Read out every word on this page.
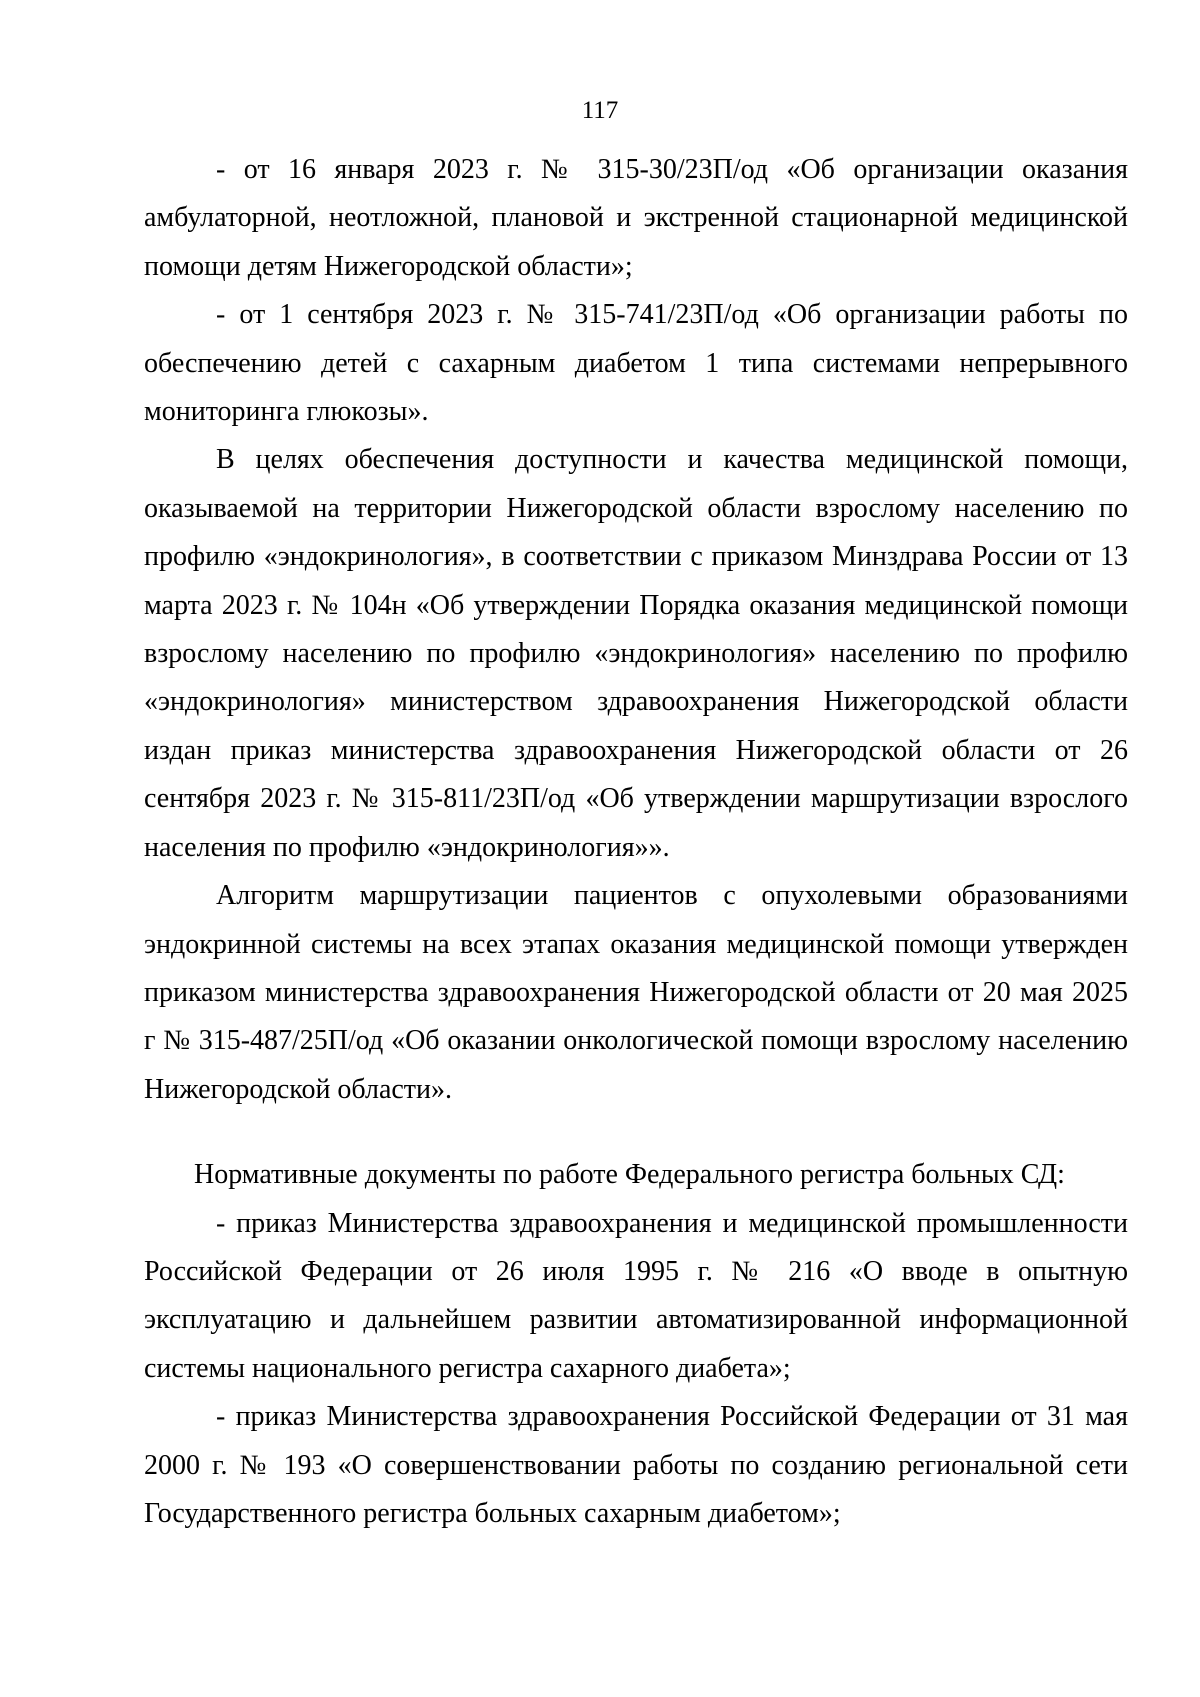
117

- от 16 января 2023 г. № 315-30/23П/од «Об организации оказания амбулаторной, неотложной, плановой и экстренной стационарной медицинской помощи детям Нижегородской области»;

- от 1 сентября 2023 г. № 315-741/23П/од «Об организации работы по обеспечению детей с сахарным диабетом 1 типа системами непрерывного мониторинга глюкозы».

В целях обеспечения доступности и качества медицинской помощи, оказываемой на территории Нижегородской области взрослому населению по профилю «эндокринология», в соответствии с приказом Минздрава России от 13 марта 2023 г. № 104н «Об утверждении Порядка оказания медицинской помощи взрослому населению по профилю «эндокринология» населению по профилю «эндокринология» министерством здравоохранения Нижегородской области издан приказ министерства здравоохранения Нижегородской области от 26 сентября 2023 г. № 315-811/23П/од «Об утверждении маршрутизации взрослого населения по профилю «эндокринология»».

Алгоритм маршрутизации пациентов с опухолевыми образованиями эндокринной системы на всех этапах оказания медицинской помощи утвержден приказом министерства здравоохранения Нижегородской области от 20 мая 2025 г № 315-487/25П/од «Об оказании онкологической помощи взрослому населению Нижегородской области».

Нормативные документы по работе Федерального регистра больных СД:

- приказ Министерства здравоохранения и медицинской промышленности Российской Федерации от 26 июля 1995 г. № 216 «О вводе в опытную эксплуатацию и дальнейшем развитии автоматизированной информационной системы национального регистра сахарного диабета»;

- приказ Министерства здравоохранения Российской Федерации от 31 мая 2000 г. № 193 «О совершенствовании работы по созданию региональной сети Государственного регистра больных сахарным диабетом»;
